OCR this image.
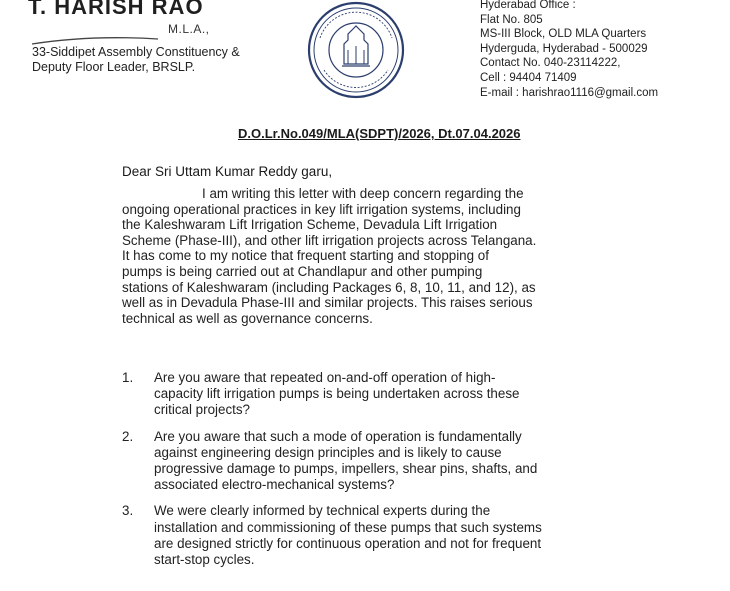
T. HARISH RAO
M.L.A.,
33-Siddipet Assembly Constituency &
Deputy Floor Leader, BRSLP.
Hyderabad Office :
Flat No. 805
MS-III Block, OLD MLA Quarters
Hyderguda, Hyderabad - 500029
Contact No. 040-23114222,
Cell : 94404 71409
E-mail : harishrao1116@gmail.com
D.O.Lr.No.049/MLA(SDPT)/2026, Dt.07.04.2026
Dear Sri Uttam Kumar Reddy garu,
I am writing this letter with deep concern regarding the
ongoing operational practices in key lift irrigation systems, including
the Kaleshwaram Lift Irrigation Scheme, Devadula Lift Irrigation
Scheme (Phase-III), and other lift irrigation projects across Telangana.
It has come to my notice that frequent starting and stopping of
pumps is being carried out at Chandlapur and other pumping
stations of Kaleshwaram (including Packages 6, 8, 10, 11, and 12), as
well as in Devadula Phase-III and similar projects. This raises serious
technical as well as governance concerns.
1. Are you aware that repeated on-and-off operation of high-
capacity lift irrigation pumps is being undertaken across these
critical projects?
2. Are you aware that such a mode of operation is fundamentally
against engineering design principles and is likely to cause
progressive damage to pumps, impellers, shear pins, shafts, and
associated electro-mechanical systems?
3. We were clearly informed by technical experts during the
installation and commissioning of these pumps that such systems
are designed strictly for continuous operation and not for frequent
start-stop cycles.
